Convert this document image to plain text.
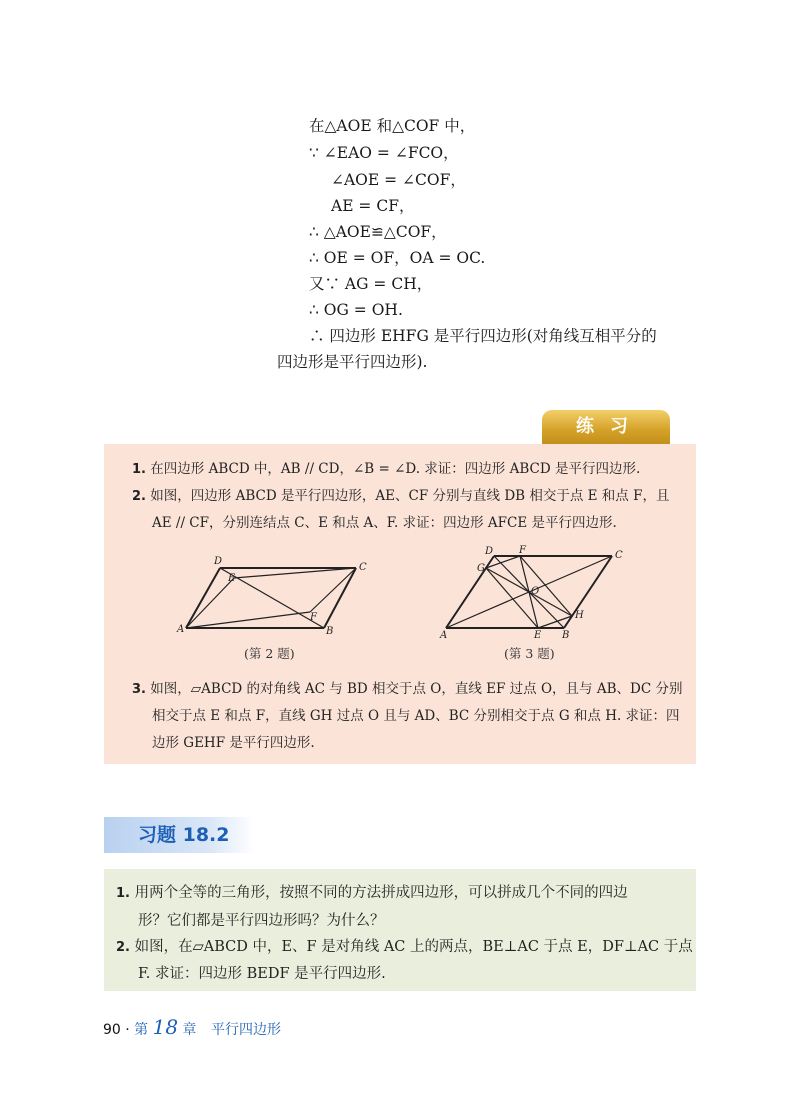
在△AOE 和△COF 中，
∵ ∠EAO = ∠FCO，
∠AOE = ∠COF，
AE = CF，
∴ △AOE≌△COF，
∴ OE = OF，OA = OC.
又∵ AG = CH，
∴ OG = OH.
∴ 四边形 EHFG 是平行四边形(对角线互相平分的
四边形是平行四边形).
练习
1. 在四边形 ABCD 中，AB // CD，∠B = ∠D. 求证：四边形 ABCD 是平行四边形.
2. 如图，四边形 ABCD 是平行四边形，AE、CF 分别与直线 DB 相交于点 E 和点 F，且
AE // CF，分别连结点 C、E 和点 A、F. 求证：四边形 AFCE 是平行四边形.
A	B
C
D
E
F
(第 2 题)
A	B
C
D
E
F
G
H
O
(第 3 题)
3. 如图，▱ABCD 的对角线 AC 与 BD 相交于点 O，直线 EF 过点 O，且与 AB、DC 分别
相交于点 E 和点 F，直线 GH 过点 O 且与 AD、BC 分别相交于点 G 和点 H. 求证：四
边形 GEHF 是平行四边形.
习题 18.2
1. 用两个全等的三角形，按照不同的方法拼成四边形，可以拼成几个不同的四边
形？它们都是平行四边形吗？为什么？
2. 如图，在▱ABCD 中，E、F 是对角线 AC 上的两点，BE⊥AC 于点 E，DF⊥AC 于点
F. 求证：四边形 BEDF 是平行四边形.
90 · 第 18 章 平行四边形
